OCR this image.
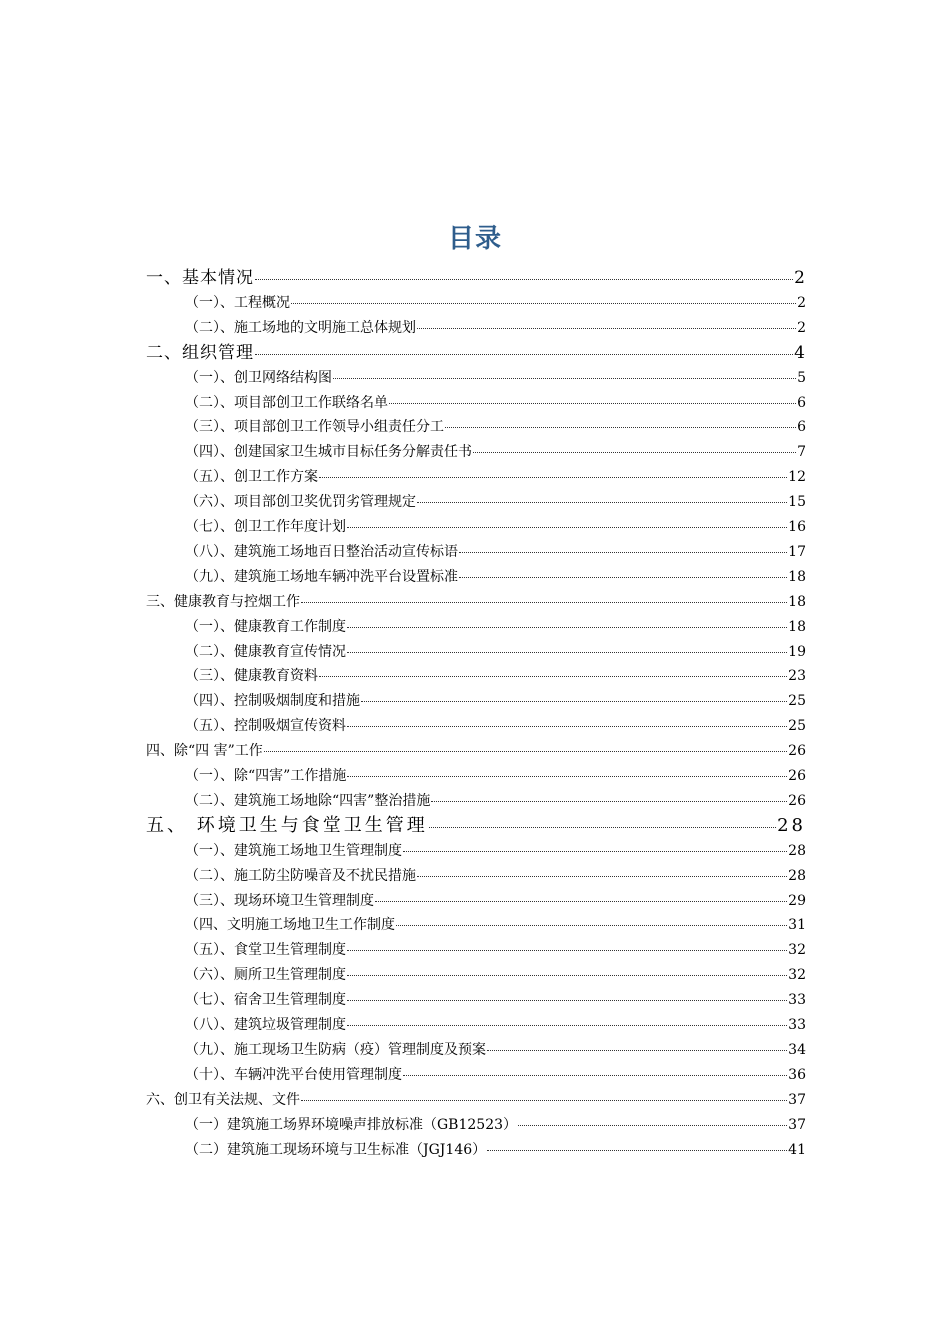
目录
一、基本情况	2
（一）、工程概况	2
（二）、施工场地的文明施工总体规划	2
二、组织管理	4
（一）、创卫网络结构图	5
（二）、项目部创卫工作联络名单	6
（三）、项目部创卫工作领导小组责任分工	6
（四）、创建国家卫生城市目标任务分解责任书	7
（五）、创卫工作方案	12
（六）、项目部创卫奖优罚劣管理规定	15
（七）、创卫工作年度计划	16
（八）、建筑施工场地百日整治活动宣传标语	17
（九）、建筑施工场地车辆冲洗平台设置标准	18
三、健康教育与控烟工作	18
（一）、健康教育工作制度	18
（二）、健康教育宣传情况	19
（三）、健康教育资料	23
（四）、控制吸烟制度和措施	25
（五）、控制吸烟宣传资料	25
四、除“四 害”工作	26
（一）、除“四害”工作措施	26
（二）、建筑施工场地除“四害”整治措施	26
五、 环境卫生与食堂卫生管理	28
（一）、建筑施工场地卫生管理制度	28
（二）、施工防尘防噪音及不扰民措施	28
（三）、现场环境卫生管理制度	29
（四、文明施工场地卫生工作制度	31
（五）、食堂卫生管理制度	32
（六）、厕所卫生管理制度	32
（七）、宿舍卫生管理制度	33
（八）、建筑垃圾管理制度	33
（九）、施工现场卫生防病（疫）管理制度及预案	34
（十）、车辆冲洗平台使用管理制度	36
六、创卫有关法规、文件	37
（一）建筑施工场界环境噪声排放标准（GB12523）	37
（二）建筑施工现场环境与卫生标准（JGJ146）	41
